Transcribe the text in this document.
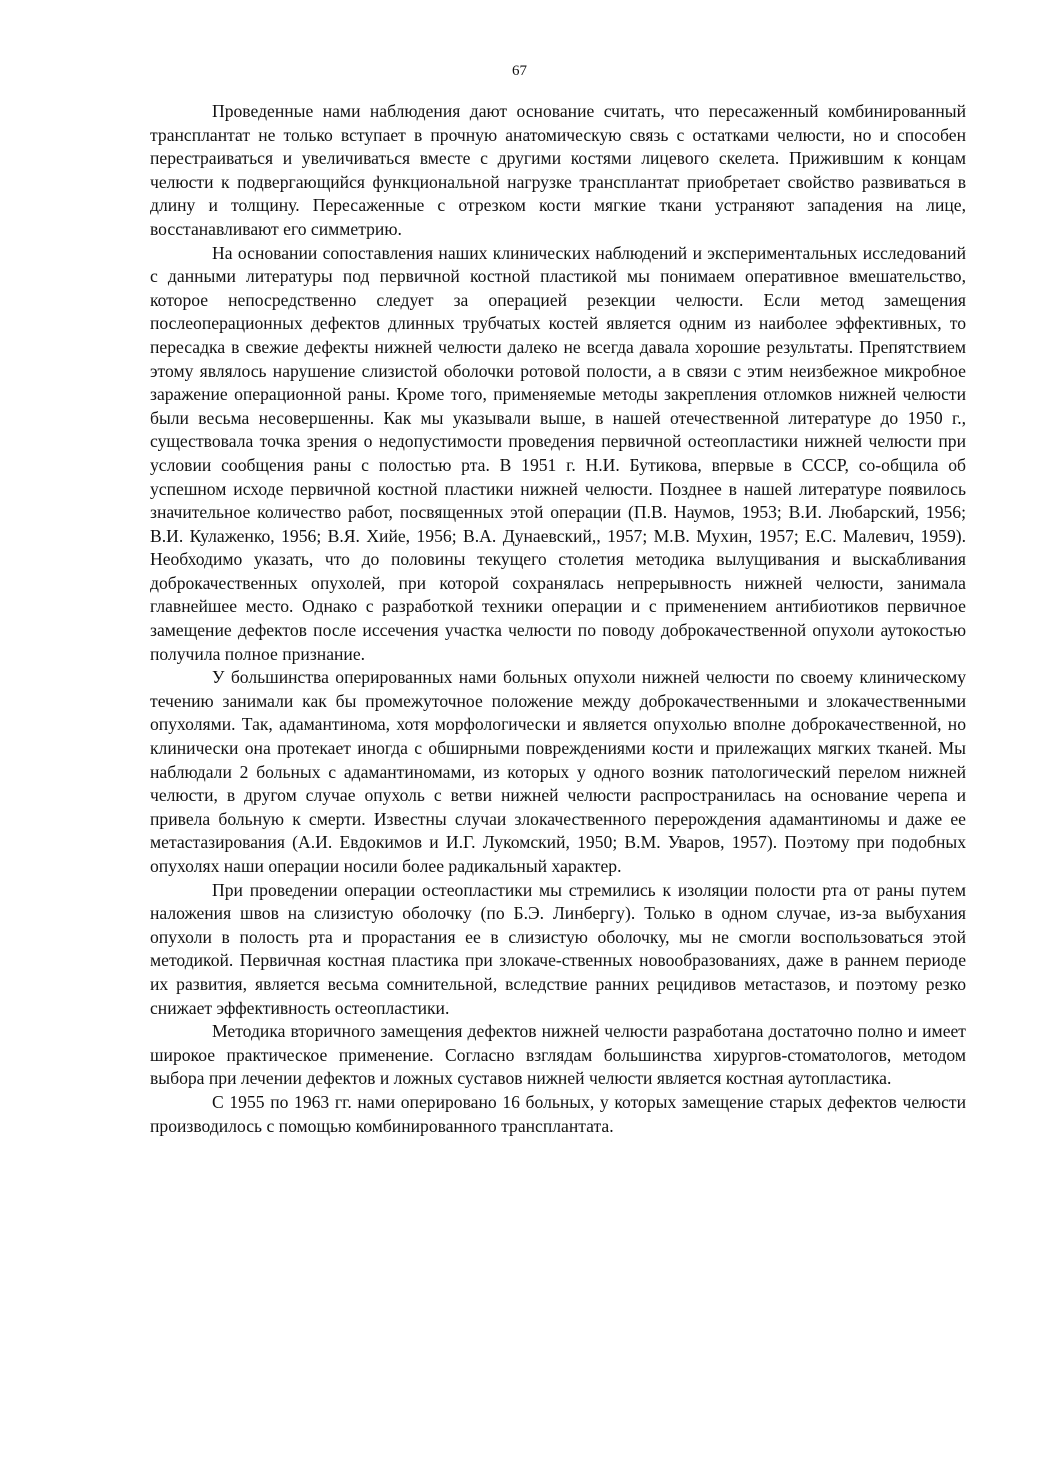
67

Проведенные нами наблюдения дают основание считать, что пересаженный комбинированный трансплантат не только вступает в прочную анатомическую связь с остатками челюсти, но и способен перестраиваться и увеличиваться вместе с другими костями лицевого скелета. Прижившим к концам челюсти к подвергающийся функциональной нагрузке трансплантат приобретает свойство развиваться в длину и толщину. Пересаженные с отрезком кости мягкие ткани устраняют западения на лице, восстанавливают его симметрию.

На основании сопоставления наших клинических наблюдений и экспериментальных исследований с данными литературы под первичной костной пластикой мы понимаем оперативное вмешательство, которое непосредственно следует за операцией резекции челюсти. Если метод замещения послеоперационных дефектов длинных трубчатых костей является одним из наиболее эффективных, то пересадка в свежие дефекты нижней челюсти далеко не всегда давала хорошие результаты. Препятствием этому являлось нарушение слизистой оболочки ротовой полости, а в связи с этим неизбежное микробное заражение операционной раны. Кроме того, применяемые методы закрепления отломков нижней челюсти были весьма несовершенны. Как мы указывали выше, в нашей отечественной литературе до 1950 г., существовала точка зрения о недопустимости проведения первичной остеопластики нижней челюсти при условии сообщения раны с полостью рта. В 1951 г. Н.И. Бутикова, впервые в СССР, со-общила об успешном исходе первичной костной пластики нижней челюсти. Позднее в нашей литературе появилось значительное количество работ, посвященных этой операции (П.В. Наумов, 1953; В.И. Любарский, 1956; В.И. Кулаженко, 1956; В.Я. Хийе, 1956; В.А. Дунаевский,, 1957; М.В. Мухин, 1957; Е.С. Малевич, 1959). Необходимо указать, что до половины текущего столетия методика вылущивания и выскабливания доброкачественных опухолей, при которой сохранялась непрерывность нижней челюсти, занимала главнейшее место. Однако с разработкой техники операции и с применением антибиотиков первичное замещение дефектов после иссечения участка челюсти по поводу доброкачественной опухоли аутокостью получила полное признание.

У большинства оперированных нами больных опухоли нижней челюсти по своему клиническому течению занимали как бы промежуточное положение между доброкачественными и злокачественными опухолями. Так, адамантинома, хотя морфологически и является опухолью вполне доброкачественной, но клинически она протекает иногда с обширными повреждениями кости и прилежащих мягких тканей. Мы наблюдали 2 больных с адамантиномами, из которых у одного возник патологический перелом нижней челюсти, в другом случае опухоль с ветви нижней челюсти распространилась на основание черепа и привела больную к смерти. Известны случаи злокачественного перерождения адамантиномы и даже ее метастазирования (А.И. Евдокимов и И.Г. Лукомский, 1950; В.М. Уваров, 1957). Поэтому при подобных опухолях наши операции носили более радикальный характер.

При проведении операции остеопластики мы стремились к изоляции полости рта от раны путем наложения швов на слизистую оболочку (по Б.Э. Линбергу). Только в одном случае, из-за выбухания опухоли в полость рта и прорастания ее в слизистую оболочку, мы не смогли воспользоваться этой методикой. Первичная костная пластика при злокаче-ственных новообразованиях, даже в раннем периоде их развития, является весьма сомнительной, вследствие ранних рецидивов метастазов, и поэтому резко снижает эффективность остеопластики.

Методика вторичного замещения дефектов нижней челюсти разработана достаточно полно и имеет широкое практическое применение. Согласно взглядам большинства хирургов-стоматологов, методом выбора при лечении дефектов и ложных суставов нижней челюсти является костная аутопластика.

С 1955 по 1963 гг. нами оперировано 16 больных, у которых замещение старых дефектов челюсти производилось с помощью комбинированного трансплантата.
